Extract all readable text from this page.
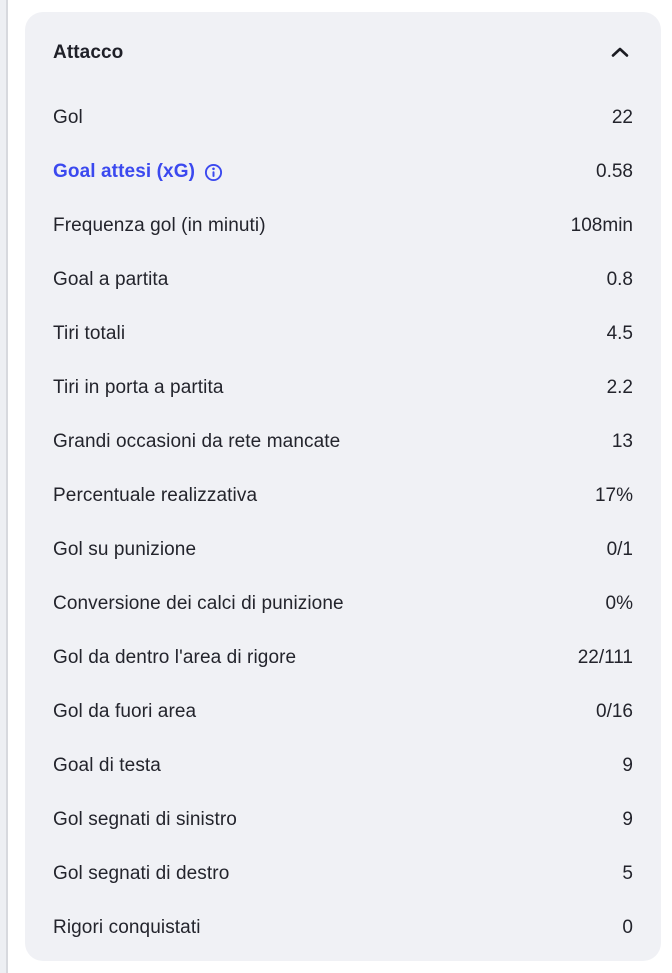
Attacco
Gol	22
Goal attesi (xG)	0.58
Frequenza gol (in minuti)	108min
Goal a partita	0.8
Tiri totali	4.5
Tiri in porta a partita	2.2
Grandi occasioni da rete mancate	13
Percentuale realizzativa	17%
Gol su punizione	0/1
Conversione dei calci di punizione	0%
Gol da dentro l'area di rigore	22/111
Gol da fuori area	0/16
Goal di testa	9
Gol segnati di sinistro	9
Gol segnati di destro	5
Rigori conquistati	0
